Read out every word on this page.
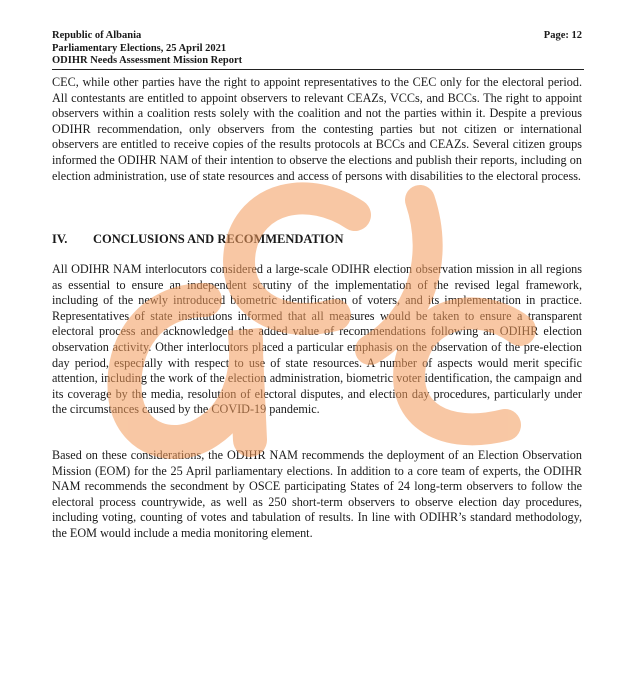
Republic of Albania
Parliamentary Elections, 25 April 2021
ODIHR Needs Assessment Mission Report
Page: 12

CEC, while other parties have the right to appoint representatives to the CEC only for the electoral period. All contestants are entitled to appoint observers to relevant CEAZs, VCCs, and BCCs. The right to appoint observers within a coalition rests solely with the coalition and not the parties within it. Despite a previous ODIHR recommendation, only observers from the contesting parties but not citizen or international observers are entitled to receive copies of the results protocols at BCCs and CEAZs. Several citizen groups informed the ODIHR NAM of their intention to observe the elections and publish their reports, including on election administration, use of state resources and access of persons with disabilities to the electoral process.

IV. CONCLUSIONS AND RECOMMENDATION

All ODIHR NAM interlocutors considered a large-scale ODIHR election observation mission in all regions as essential to ensure an independent scrutiny of the implementation of the revised legal framework, including of the newly introduced biometric identification of voters, and its implementation in practice. Representatives of state institutions informed that all measures would be taken to ensure a transparent electoral process and acknowledged the added value of recommendations following an ODIHR election observation activity. Other interlocutors placed a particular emphasis on the observation of the pre-election day period, especially with respect to use of state resources. A number of aspects would merit specific attention, including the work of the election administration, biometric voter identification, the campaign and its coverage by the media, resolution of electoral disputes, and election day procedures, particularly under the circumstances caused by the COVID-19 pandemic.

Based on these considerations, the ODIHR NAM recommends the deployment of an Election Observation Mission (EOM) for the 25 April parliamentary elections. In addition to a core team of experts, the ODIHR NAM recommends the secondment by OSCE participating States of 24 long-term observers to follow the electoral process countrywide, as well as 250 short-term observers to observe election day procedures, including voting, counting of votes and tabulation of results. In line with ODIHR’s standard methodology, the EOM would include a media monitoring element.
